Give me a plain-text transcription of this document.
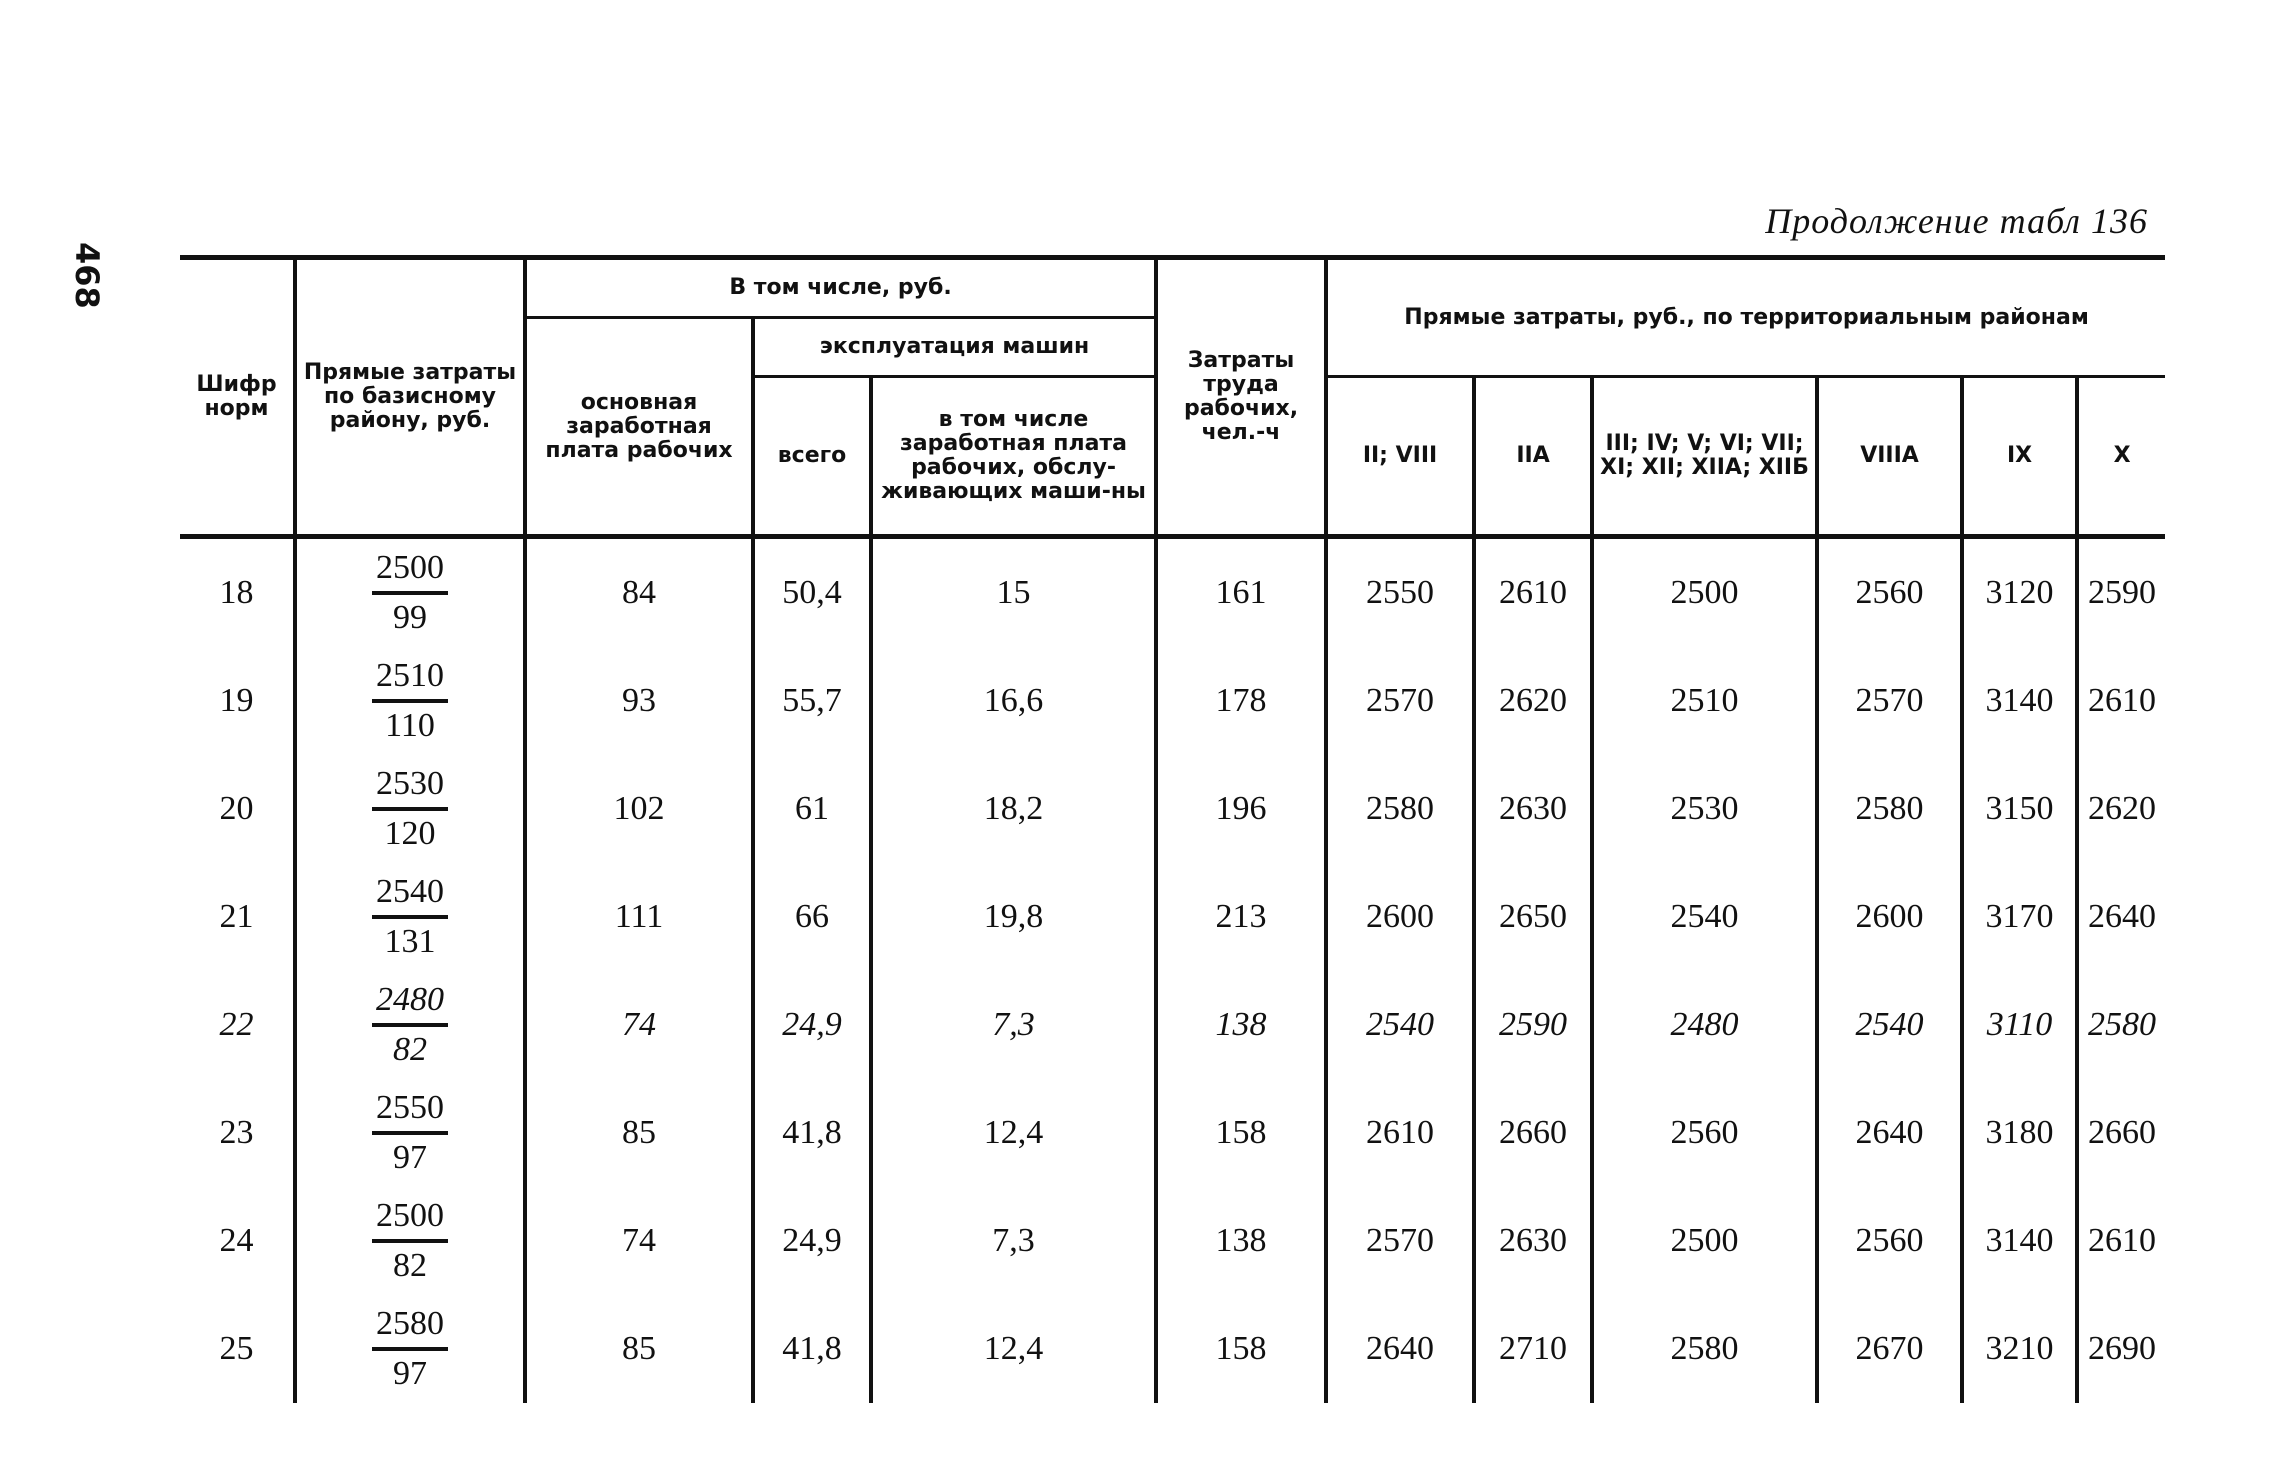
468
Продолжение табл 136
Шифр норм	Прямые затраты по базисному району, руб.	В том числе, руб.			Затраты труда рабочих, чел.-ч	Прямые затраты, руб., по территориальным районам					
		основная заработная плата рабочих	эксплуатация машин								
			всего	в том числе заработная плата рабочих, обслу-живающих маши-ны		II; VIII	IIA	III; IV; V; VI; VII; XI; XII; XIIA; XIIБ	VIIIA	IX	X
18	$\frac{2500}{99}$	84	50,4	15	161	2550	2610	2500	2560	3120	2590
19	$\frac{2510}{110}$	93	55,7	16,6	178	2570	2620	2510	2570	3140	2610
20	$\frac{2530}{120}$	102	61	18,2	196	2580	2630	2530	2580	3150	2620
21	$\frac{2540}{131}$	111	66	19,8	213	2600	2650	2540	2600	3170	2640
22	$\frac{2480}{82}$	74	24,9	7,3	138	2540	2590	2480	2540	3110	2580
23	$\frac{2550}{97}$	85	41,8	12,4	158	2610	2660	2560	2640	3180	2660
24	$\frac{2500}{82}$	74	24,9	7,3	138	2570	2630	2500	2560	3140	2610
25	$\frac{2580}{97}$	85	41,8	12,4	158	2640	2710	2580	2670	3210	2690
